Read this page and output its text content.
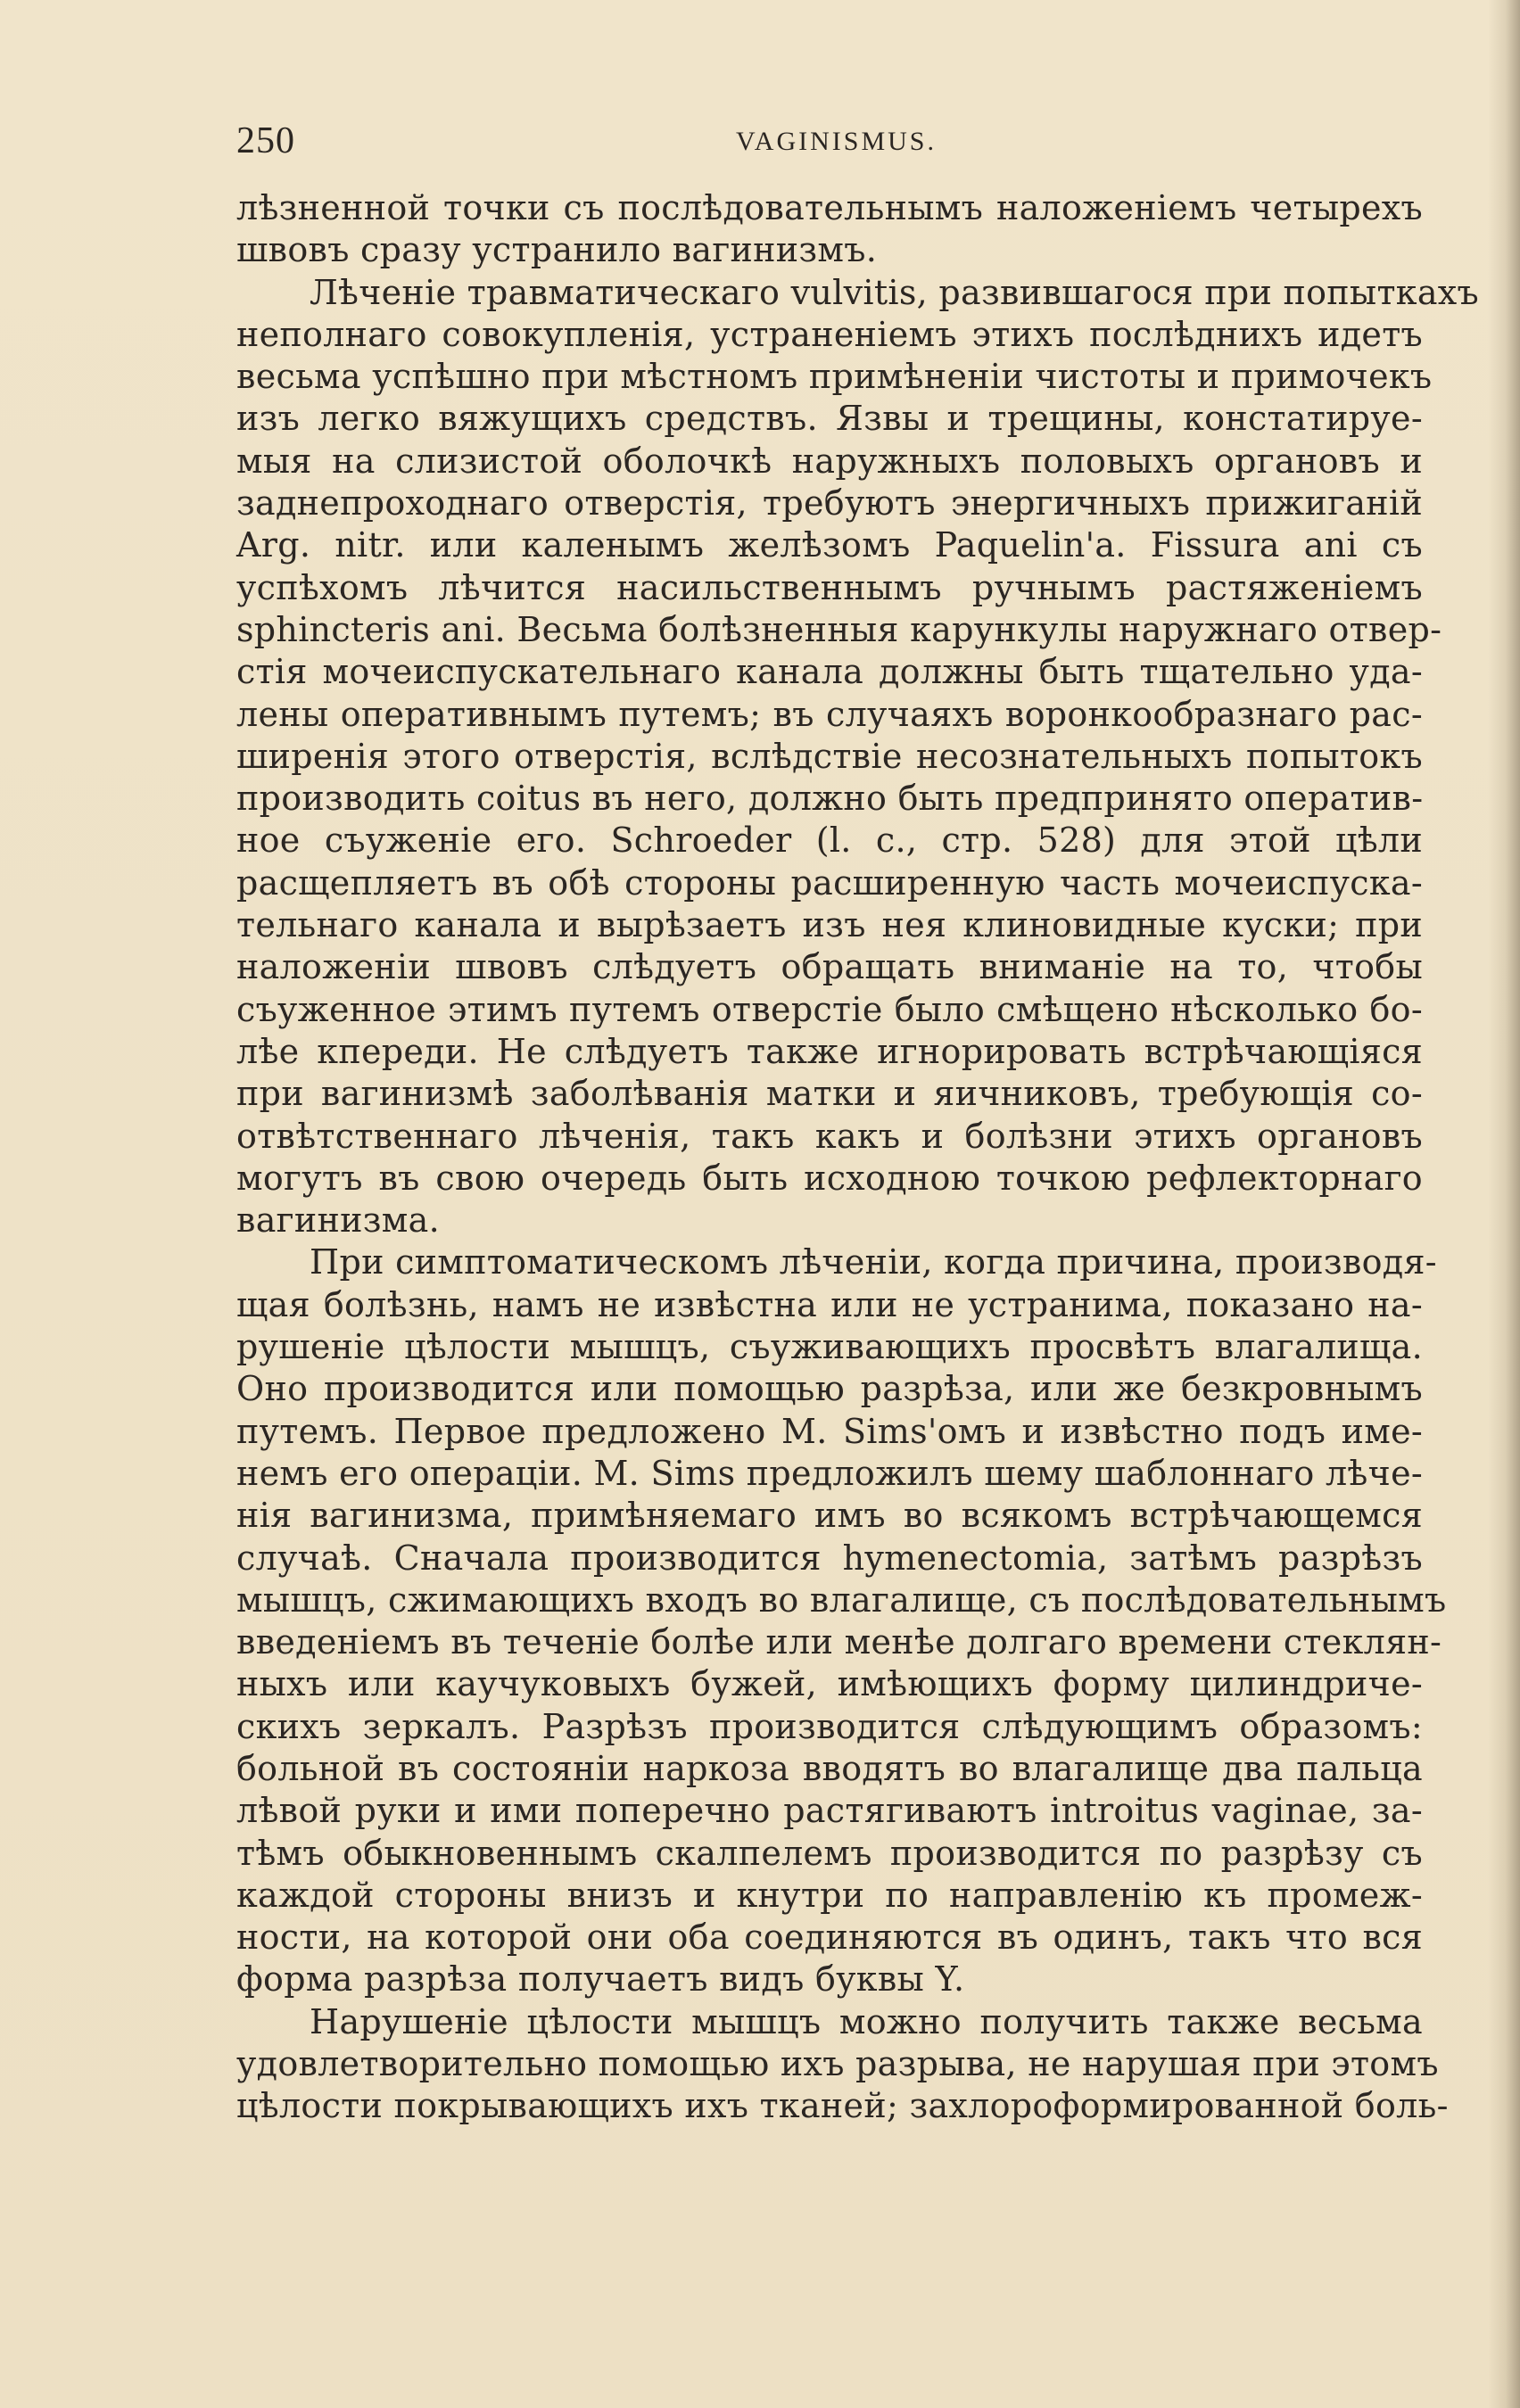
250	VAGINISMUS.
лѣзненной точки съ послѣдовательнымъ наложеніемъ четырехъ
швовъ сразу устранило вагинизмъ.
Лѣченіе травматическаго vulvitis, развившагося при попыткахъ
неполнаго совокупленія, устраненіемъ этихъ послѣднихъ идетъ
весьма успѣшно при мѣстномъ примѣненіи чистоты и примочекъ
изъ легко вяжущихъ средствъ. Язвы и трещины, констатируе-
мыя на слизистой оболочкѣ наружныхъ половыхъ органовъ и
заднепроходнаго отверстія, требуютъ энергичныхъ прижиганій
Arg. nitr. или каленымъ желѣзомъ Paquelin'а. Fissura ani съ
успѣхомъ лѣчится насильственнымъ ручнымъ растяженіемъ
sphincteris ani. Весьма болѣзненныя карункулы наружнаго отвер-
стія мочеиспускательнаго канала должны быть тщательно уда-
лены оперативнымъ путемъ; въ случаяхъ воронкообразнаго рас-
ширенія этого отверстія, вслѣдствіе несознательныхъ попытокъ
производить coitus въ него, должно быть предпринято оператив-
ное съуженіе его. Schroeder (l. c., стр. 528) для этой цѣли
расщепляетъ въ обѣ стороны расширенную часть мочеиспуска-
тельнаго канала и вырѣзаетъ изъ нея клиновидные куски; при
наложеніи швовъ слѣдуетъ обращать вниманіе на то, чтобы
съуженное этимъ путемъ отверстіе было смѣщено нѣсколько бо-
лѣе кпереди. Не слѣдуетъ также игнорировать встрѣчающіяся
при вагинизмѣ заболѣванія матки и яичниковъ, требующія со-
отвѣтственнаго лѣченія, такъ какъ и болѣзни этихъ органовъ
могутъ въ свою очередь быть исходною точкою рефлекторнаго
вагинизма.
При симптоматическомъ лѣченіи, когда причина, производя-
щая болѣзнь, намъ не извѣстна или не устранима, показано на-
рушеніе цѣлости мышцъ, съуживающихъ просвѣтъ влагалища.
Оно производится или помощью разрѣза, или же безкровнымъ
путемъ. Первое предложено M. Sims'омъ и извѣстно подъ име-
немъ его операціи. M. Sims предложилъ шему шаблоннаго лѣче-
нія вагинизма, примѣняемаго имъ во всякомъ встрѣчающемся
случаѣ. Сначала производится hymenectomia, затѣмъ разрѣзъ
мышцъ, сжимающихъ входъ во влагалище, съ послѣдовательнымъ
введеніемъ въ теченіе болѣе или менѣе долгаго времени стеклян-
ныхъ или каучуковыхъ бужей, имѣющихъ форму цилиндриче-
скихъ зеркалъ. Разрѣзъ производится слѣдующимъ образомъ:
больной въ состояніи наркоза вводятъ во влагалище два пальца
лѣвой руки и ими поперечно растягиваютъ introitus vaginae, за-
тѣмъ обыкновеннымъ скалпелемъ производится по разрѣзу съ
каждой стороны внизъ и кнутри по направленію къ промеж-
ности, на которой они оба соединяются въ одинъ, такъ что вся
форма разрѣза получаетъ видъ буквы Y.
Нарушеніе цѣлости мышцъ можно получить также весьма
удовлетворительно помощью ихъ разрыва, не нарушая при этомъ
цѣлости покрывающихъ ихъ тканей; захлороформированной боль-
